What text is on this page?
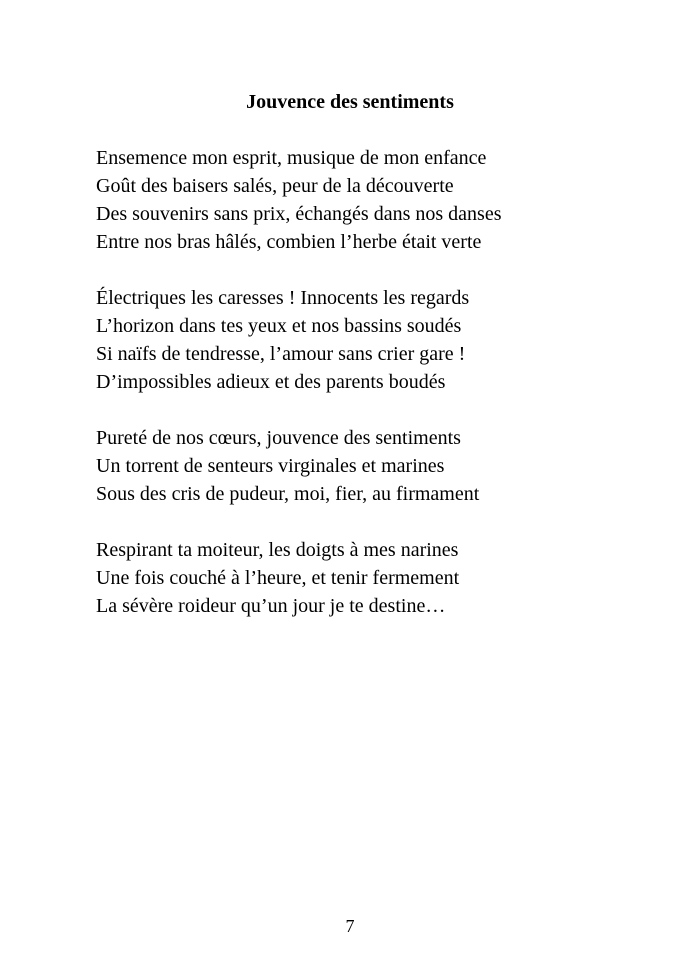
Jouvence des sentiments
Ensemence mon esprit, musique de mon enfance
Goût des baisers salés, peur de la découverte
Des souvenirs sans prix, échangés dans nos danses
Entre nos bras hâlés, combien l’herbe était verte
Électriques les caresses ! Innocents les regards
L’horizon dans tes yeux et nos bassins soudés
Si naïfs de tendresse, l’amour sans crier gare !
D’impossibles adieux et des parents boudés
Pureté de nos cœurs, jouvence des sentiments
Un torrent de senteurs virginales et marines
Sous des cris de pudeur, moi, fier, au firmament
Respirant ta moiteur, les doigts à mes narines
Une fois couché à l’heure, et tenir fermement
La sévère roideur qu’un jour je te destine…
7
